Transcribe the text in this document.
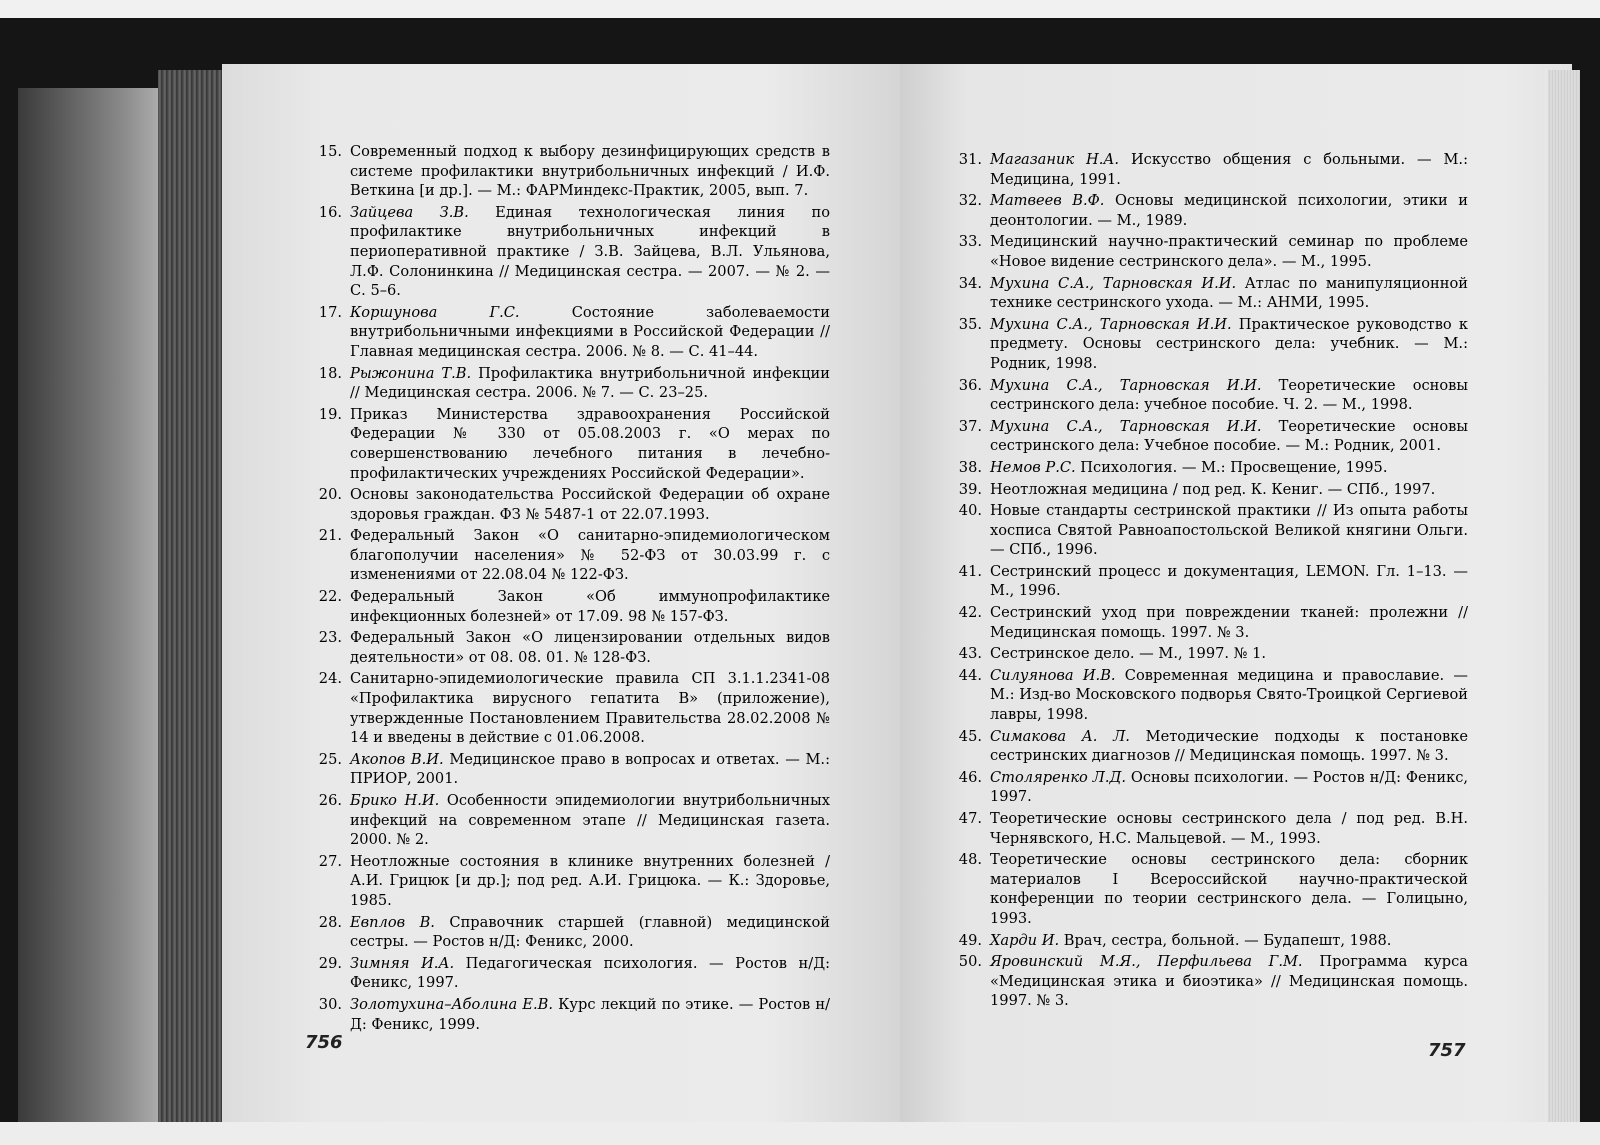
15. Современный подход к выбору дезинфицирующих средств в системе профилактики внутрибольничных инфекций / И.Ф. Веткина [и др.]. — М.: ФАРМиндекс-Практик, 2005, вып. 7.
16. Зайцева З.В. Единая технологическая линия по профилактике внутрибольничных инфекций в периоперативной практике / З.В. Зайцева, В.Л. Ульянова, Л.Ф. Солонинкина // Медицинская сестра. — 2007. — № 2. — С. 5–6.
17. Коршунова Г.С. Состояние заболеваемости внутрибольничными инфекциями в Российской Федерации // Главная медицинская сестра. 2006. № 8. — С. 41–44.
18. Рыжонина Т.В. Профилактика внутрибольничной инфекции // Медицинская сестра. 2006. № 7. — С. 23–25.
19. Приказ Министерства здравоохранения Российской Федерации № 330 от 05.08.2003 г. «О мерах по совершенствованию лечебного питания в лечебно-профилактических учреждениях Российской Федерации».
20. Основы законодательства Российской Федерации об охране здоровья граждан. ФЗ № 5487-1 от 22.07.1993.
21. Федеральный Закон «О санитарно-эпидемиологическом благополучии населения» № 52-ФЗ от 30.03.99 г. с изменениями от 22.08.04 № 122-ФЗ.
22. Федеральный Закон «Об иммунопрофилактике инфекционных болезней» от 17.09. 98 № 157-ФЗ.
23. Федеральный Закон «О лицензировании отдельных видов деятельности» от 08. 08. 01. № 128-ФЗ.
24. Санитарно-эпидемиологические правила СП 3.1.1.2341-08 «Профилактика вирусного гепатита В» (приложение), утвержденные Постановлением Правительства 28.02.2008 № 14 и введены в действие с 01.06.2008.
25. Акопов В.И. Медицинское право в вопросах и ответах. — М.: ПРИОР, 2001.
26. Брико Н.И. Особенности эпидемиологии внутрибольничных инфекций на современном этапе // Медицинская газета. 2000. № 2.
27. Неотложные состояния в клинике внутренних болезней / А.И. Грицюк [и др.]; под ред. А.И. Грицюка. — К.: Здоровье, 1985.
28. Евплов В. Справочник старшей (главной) медицинской сестры. — Ростов н/Д: Феникс, 2000.
29. Зимняя И.А. Педагогическая психология. — Ростов н/Д: Феникс, 1997.
30. Золотухина–Аболина Е.В. Курс лекций по этике. — Ростов н/Д: Феникс, 1999.
31. Магазаник Н.А. Искусство общения с больными. — М.: Медицина, 1991.
32. Матвеев В.Ф. Основы медицинской психологии, этики и деонтологии. — М., 1989.
33. Медицинский научно-практический семинар по проблеме «Новое видение сестринского дела». — М., 1995.
34. Мухина С.А., Тарновская И.И. Атлас по манипуляционной технике сестринского ухода. — М.: АНМИ, 1995.
35. Мухина С.А., Тарновская И.И. Практическое руководство к предмету. Основы сестринского дела: учебник. — М.: Родник, 1998.
36. Мухина С.А., Тарновская И.И. Теоретические основы сестринского дела: учебное пособие. Ч. 2. — М., 1998.
37. Мухина С.А., Тарновская И.И. Теоретические основы сестринского дела: Учебное пособие. — М.: Родник, 2001.
38. Немов Р.С. Психология. — М.: Просвещение, 1995.
39. Неотложная медицина / под ред. К. Кениг. — СПб., 1997.
40. Новые стандарты сестринской практики // Из опыта работы хосписа Святой Равноапостольской Великой княгини Ольги. — СПб., 1996.
41. Сестринский процесс и документация, LEMON. Гл. 1–13. — М., 1996.
42. Сестринский уход при повреждении тканей: пролежни // Медицинская помощь. 1997. № 3.
43. Сестринское дело. — М., 1997. № 1.
44. Силуянова И.В. Современная медицина и православие. — М.: Изд-во Московского подворья Свято-Троицкой Сергиевой лавры, 1998.
45. Симакова А. Л. Методические подходы к постановке сестринских диагнозов // Медицинская помощь. 1997. № 3.
46. Столяренко Л.Д. Основы психологии. — Ростов н/Д: Феникс, 1997.
47. Теоретические основы сестринского дела / под ред. В.Н. Чернявского, Н.С. Мальцевой. — М., 1993.
48. Теоретические основы сестринского дела: сборник материалов I Всероссийской научно-практической конференции по теории сестринского дела. — Голицыно, 1993.
49. Харди И. Врач, сестра, больной. — Будапешт, 1988.
50. Яровинский М.Я., Перфильева Г.М. Программа курса «Медицинская этика и биоэтика» // Медицинская помощь. 1997. № 3.
756	757
